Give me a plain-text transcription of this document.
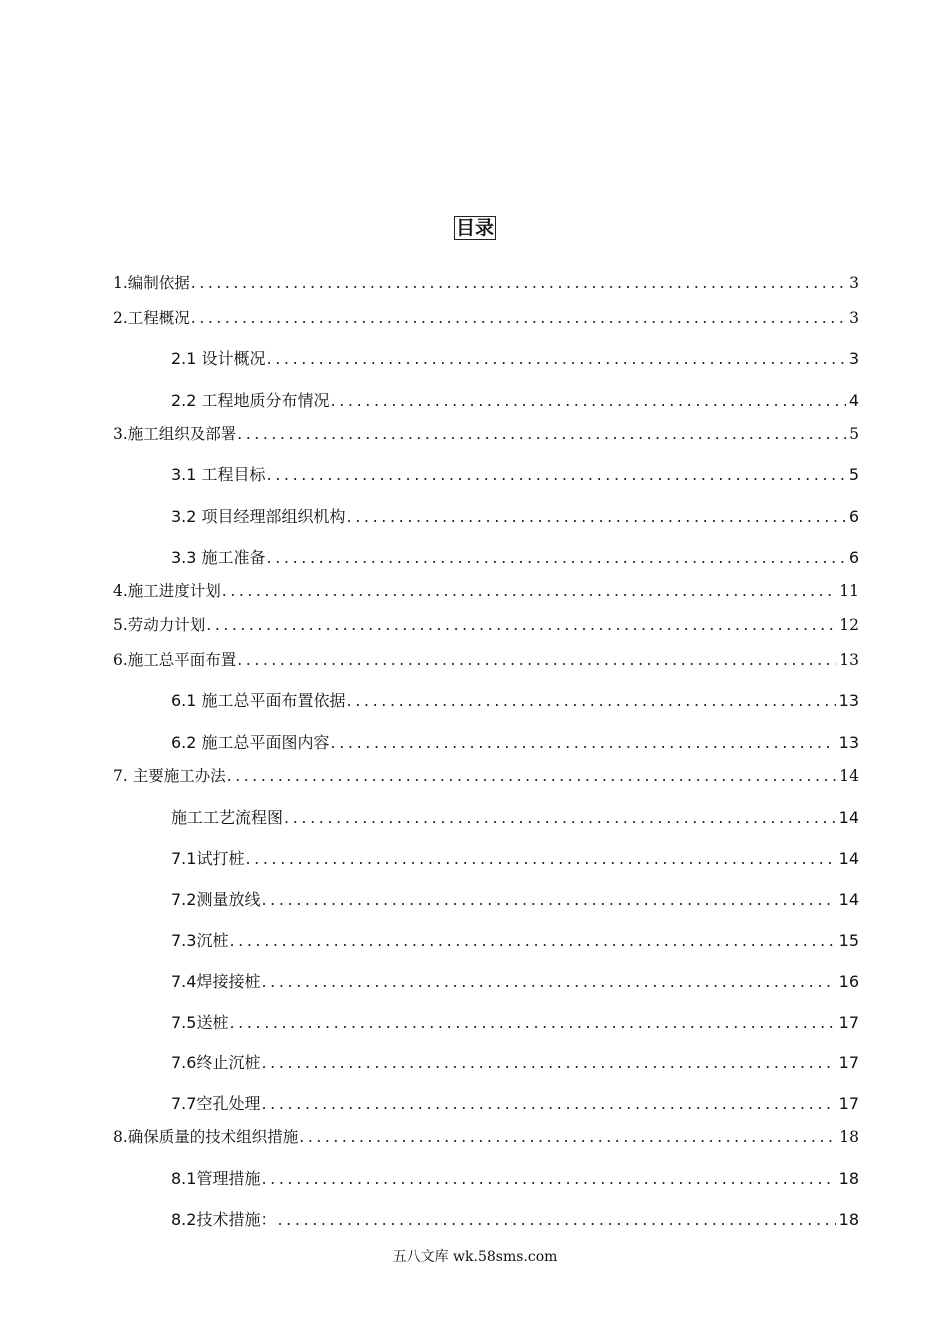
目录
1.编制依据 .....	3
2.工程概况 .....	3
2.1 设计概况 .....	3
2.2 工程地质分布情况 .....	4
3.施工组织及部署 .....	5
3.1 工程目标 .....	5
3.2 项目经理部组织机构 .....	6
3.3 施工准备 .....	6
4.施工进度计划 .....	11
5.劳动力计划 .....	12
6.施工总平面布置 .....	13
6.1 施工总平面布置依据 .....	13
6.2 施工总平面图内容 .....	13
7. 主要施工办法 .....	14
施工工艺流程图 .....	14
7.1试打桩 .....	14
7.2测量放线 .....	14
7.3沉桩 .....	15
7.4焊接接桩 .....	16
7.5送桩 .....	17
7.6终止沉桩 .....	17
7.7空孔处理 .....	17
8.确保质量的技术组织措施 .....	18
8.1管理措施 .....	18
8.2技术措施： .....	18
五八文库 wk.58sms.com
